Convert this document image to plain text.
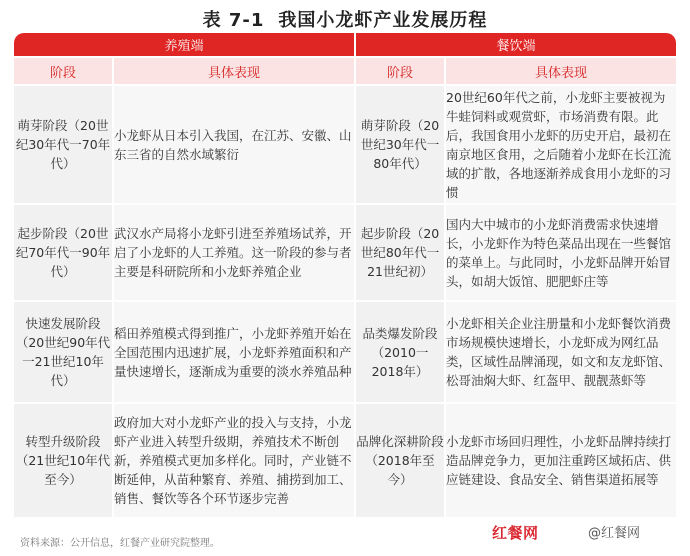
表 7-1 我国小龙虾产业发展历程
养殖端		餐饮端	
阶段	具体表现	阶段	具体表现
萌芽阶段（20世纪30年代一70年代）	小龙虾从日本引入我国，在江苏、安徽、山东三省的自然水域繁衍	萌芽阶段（20世纪30年代一80年代）	20世纪60年代之前，小龙虾主要被视为牛蛙饲料或观赏虾，市场消费有限。此后，我国食用小龙虾的历史开启，最初在南京地区食用，之后随着小龙虾在长江流域的扩散，各地逐渐养成食用小龙虾的习惯
起步阶段（20世纪70年代一90年代）	武汉水产局将小龙虾引进至养殖场试养，开启了小龙虾的人工养殖。这一阶段的参与者主要是科研院所和小龙虾养殖企业	起步阶段（20世纪80年代一21世纪初）	国内大中城市的小龙虾消费需求快速增长，小龙虾作为特色菜品出现在一些餐馆的菜单上。与此同时，小龙虾品牌开始冒头，如胡大饭馆、肥肥虾庄等
快速发展阶段（20世纪90年代一21世纪10年代）	稻田养殖模式得到推广，小龙虾养殖开始在全国范围内迅速扩展，小龙虾养殖面积和产量快速增长，逐渐成为重要的淡水养殖品种	品类爆发阶段（2010一2018年）	小龙虾相关企业注册量和小龙虾餐饮消费市场规模快速增长，小龙虾成为网红品类，区域性品牌涌现，如文和友龙虾馆、松哥油焖大虾、红盔甲、靓靓蒸虾等
转型升级阶段（21世纪10年代至今）	政府加大对小龙虾产业的投入与支持，小龙虾产业进入转型升级期，养殖技术不断创新，养殖模式更加多样化。同时，产业链不断延伸，从苗种繁育、养殖、捕捞到加工、销售、餐饮等各个环节逐步完善	品牌化深耕阶段（2018年至今）	小龙虾市场回归理性，小龙虾品牌持续打造品牌竞争力，更加注重跨区域拓店、供应链建设、食品安全、销售渠道拓展等
资料来源：公开信息，红餐产业研究院整理。
红餐网	@红餐网
